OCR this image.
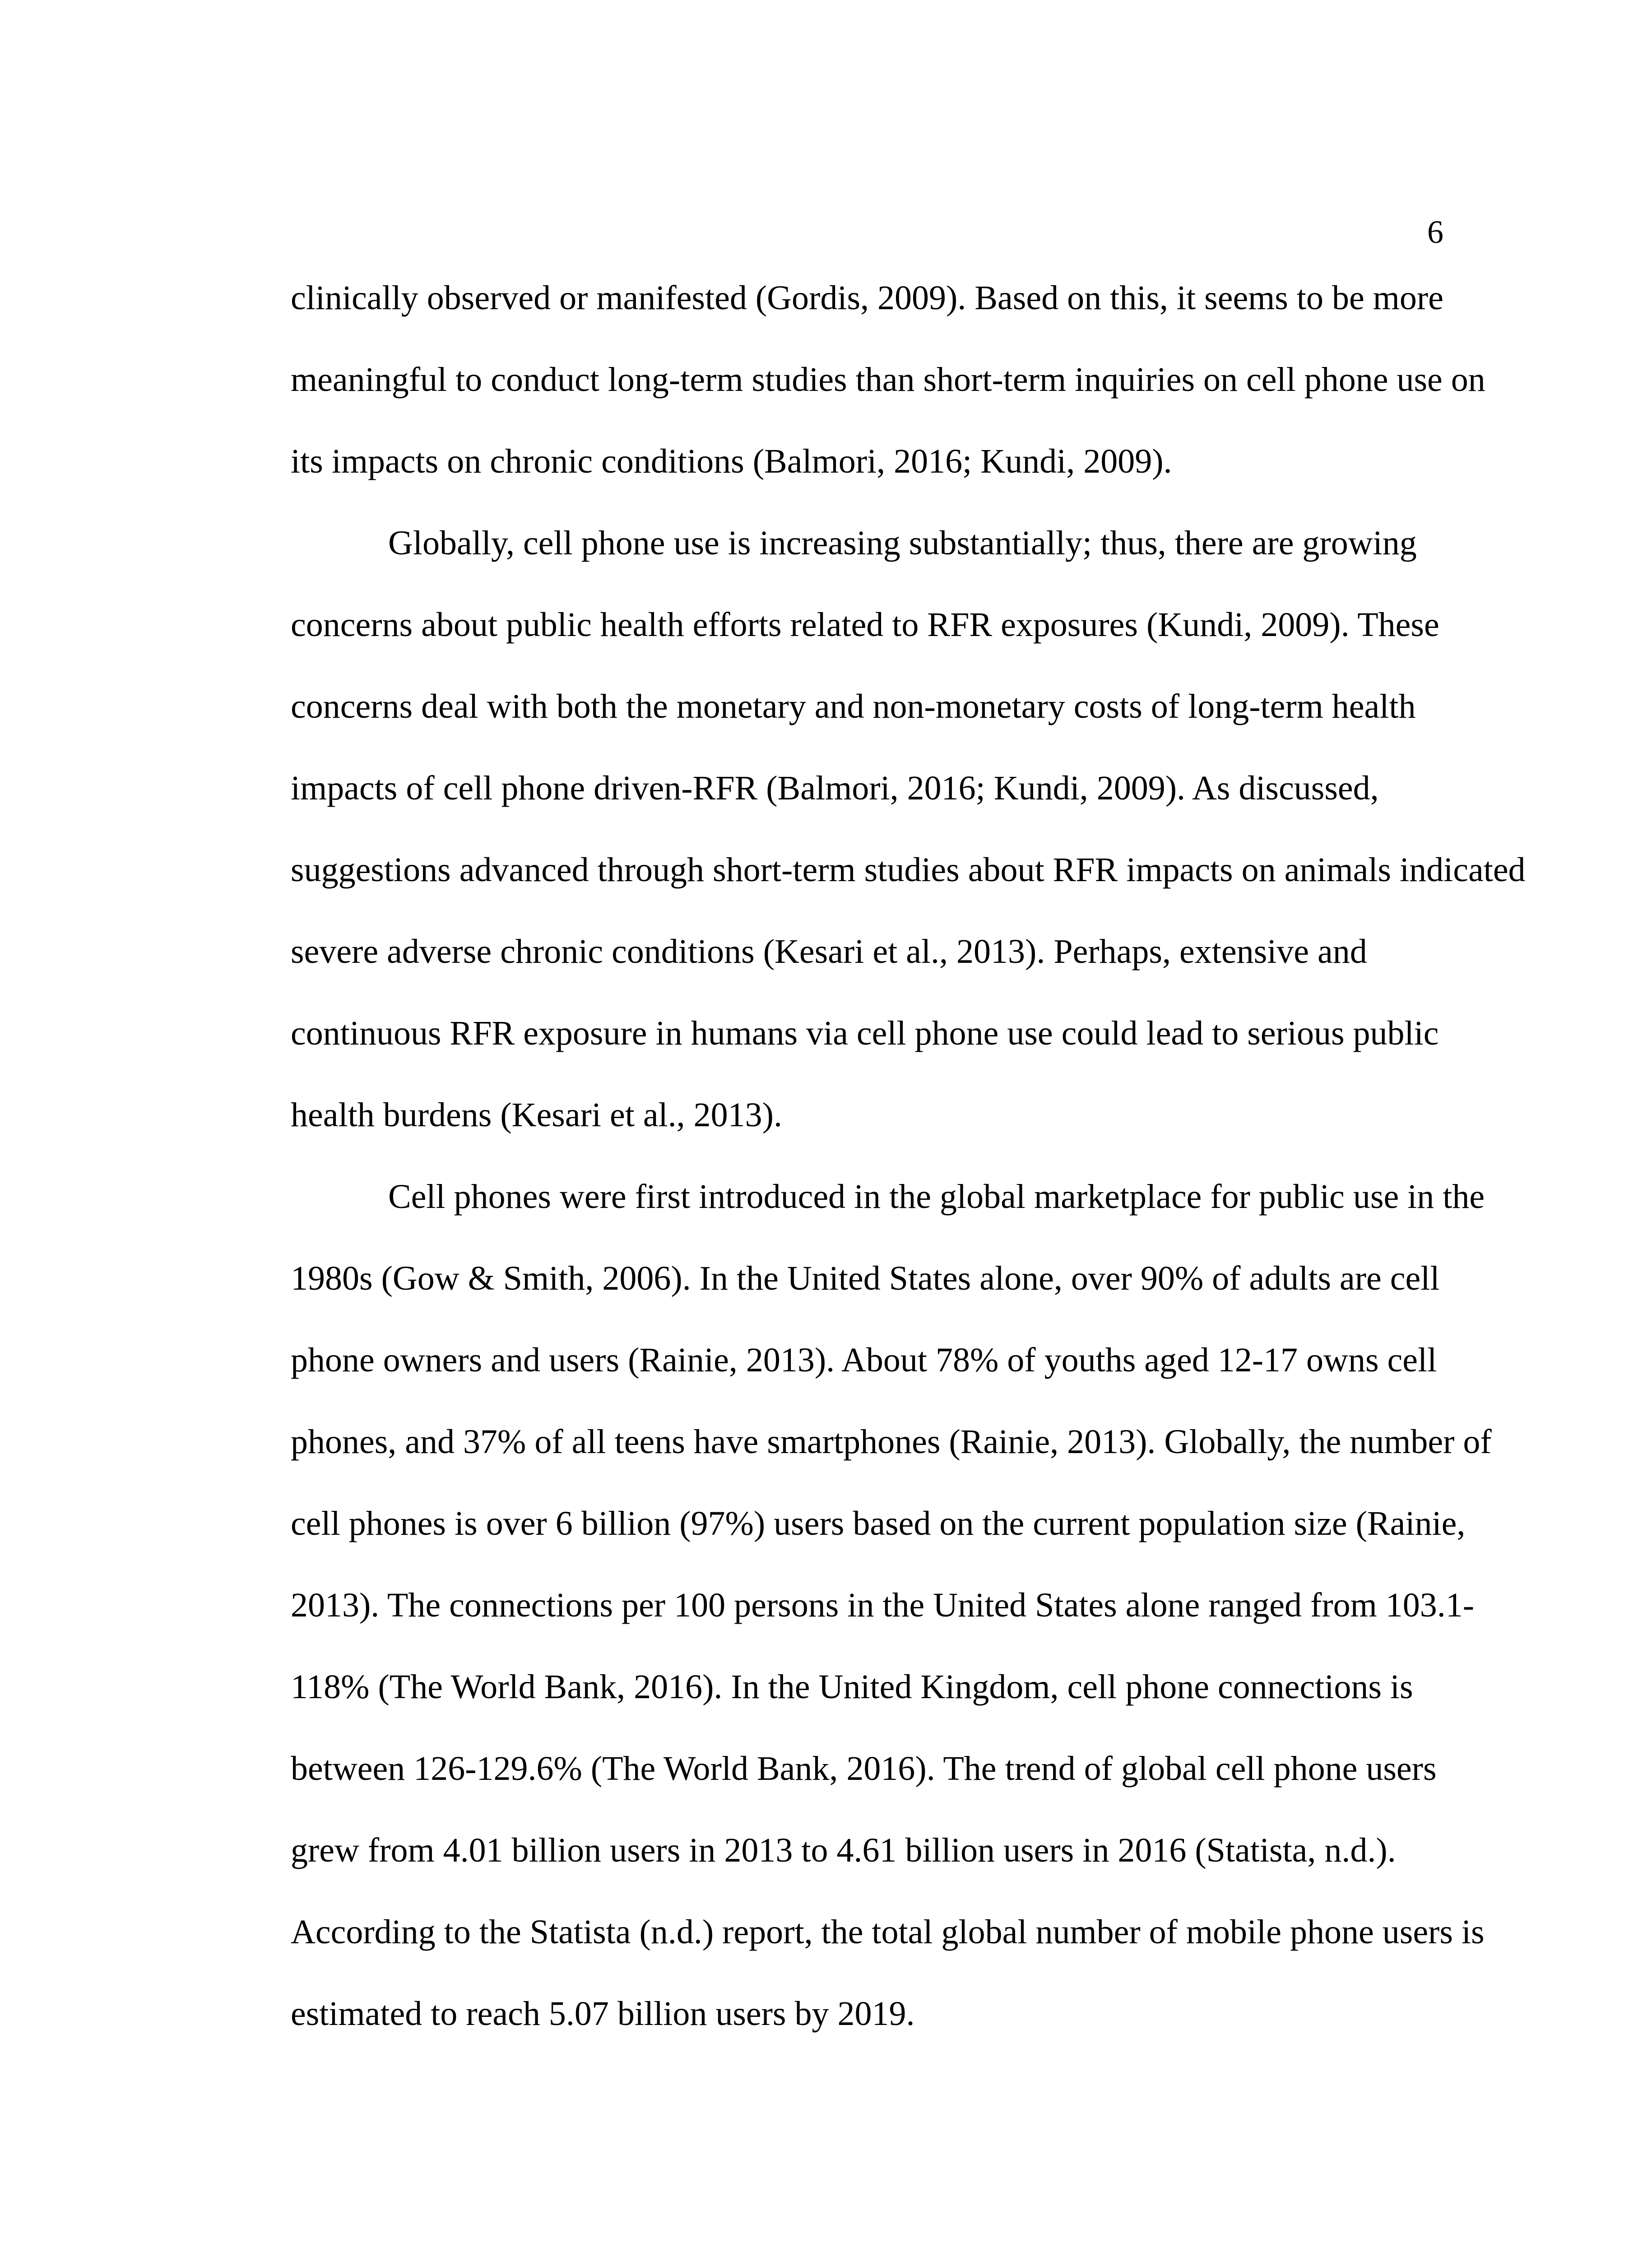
6
clinically observed or manifested (Gordis, 2009). Based on this, it seems to be more
meaningful to conduct long-term studies than short-term inquiries on cell phone use on
its impacts on chronic conditions (Balmori, 2016; Kundi, 2009).
Globally, cell phone use is increasing substantially; thus, there are growing
concerns about public health efforts related to RFR exposures (Kundi, 2009). These
concerns deal with both the monetary and non-monetary costs of long-term health
impacts of cell phone driven-RFR (Balmori, 2016; Kundi, 2009). As discussed,
suggestions advanced through short-term studies about RFR impacts on animals indicated
severe adverse chronic conditions (Kesari et al., 2013). Perhaps, extensive and
continuous RFR exposure in humans via cell phone use could lead to serious public
health burdens (Kesari et al., 2013).
Cell phones were first introduced in the global marketplace for public use in the
1980s (Gow & Smith, 2006). In the United States alone, over 90% of adults are cell
phone owners and users (Rainie, 2013). About 78% of youths aged 12-17 owns cell
phones, and 37% of all teens have smartphones (Rainie, 2013). Globally, the number of
cell phones is over 6 billion (97%) users based on the current population size (Rainie,
2013). The connections per 100 persons in the United States alone ranged from 103.1-
118% (The World Bank, 2016). In the United Kingdom, cell phone connections is
between 126-129.6% (The World Bank, 2016). The trend of global cell phone users
grew from 4.01 billion users in 2013 to 4.61 billion users in 2016 (Statista, n.d.).
According to the Statista (n.d.) report, the total global number of mobile phone users is
estimated to reach 5.07 billion users by 2019.
